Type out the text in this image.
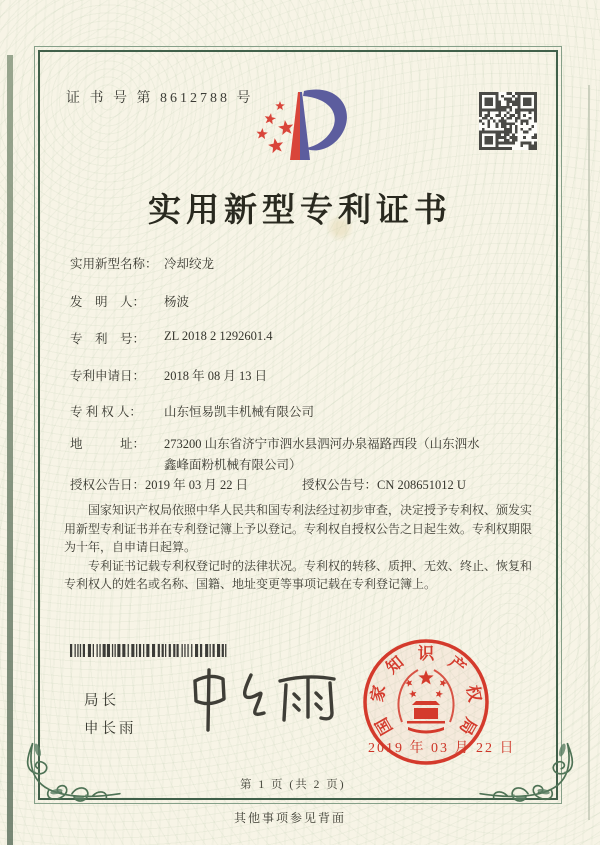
证 书 号 第 8612788 号
实用新型专利证书
实用新型名称： 冷却绞龙
发　明　人：	杨波
专　利　号：	ZL 2018 2 1292601.4
专利申请日：	2018 年 08 月 13 日
专 利 权 人：	山东恒易凯丰机械有限公司
地　　　址：	273200 山东省济宁市泗水县泗河办泉福路西段（山东泗水鑫峰面粉机械有限公司）
授权公告日：2019 年 03 月 22 日	授权公告号：CN 208651012 U

国家知识产权局依照中华人民共和国专利法经过初步审查，决定授予专利权、颁发实用新型专利证书并在专利登记簿上予以登记。专利权自授权公告之日起生效。专利权期限为十年，自申请日起算。

专利证书记载专利权登记时的法律状况。专利权的转移、质押、无效、终止、恢复和专利权人的姓名或名称、国籍、地址变更等事项记载在专利登记簿上。

局长
申长雨	国
家
知 识 产
权
局
2019 年 03 月 22 日
第 1 页 (共 2 页)
其他事项参见背面
